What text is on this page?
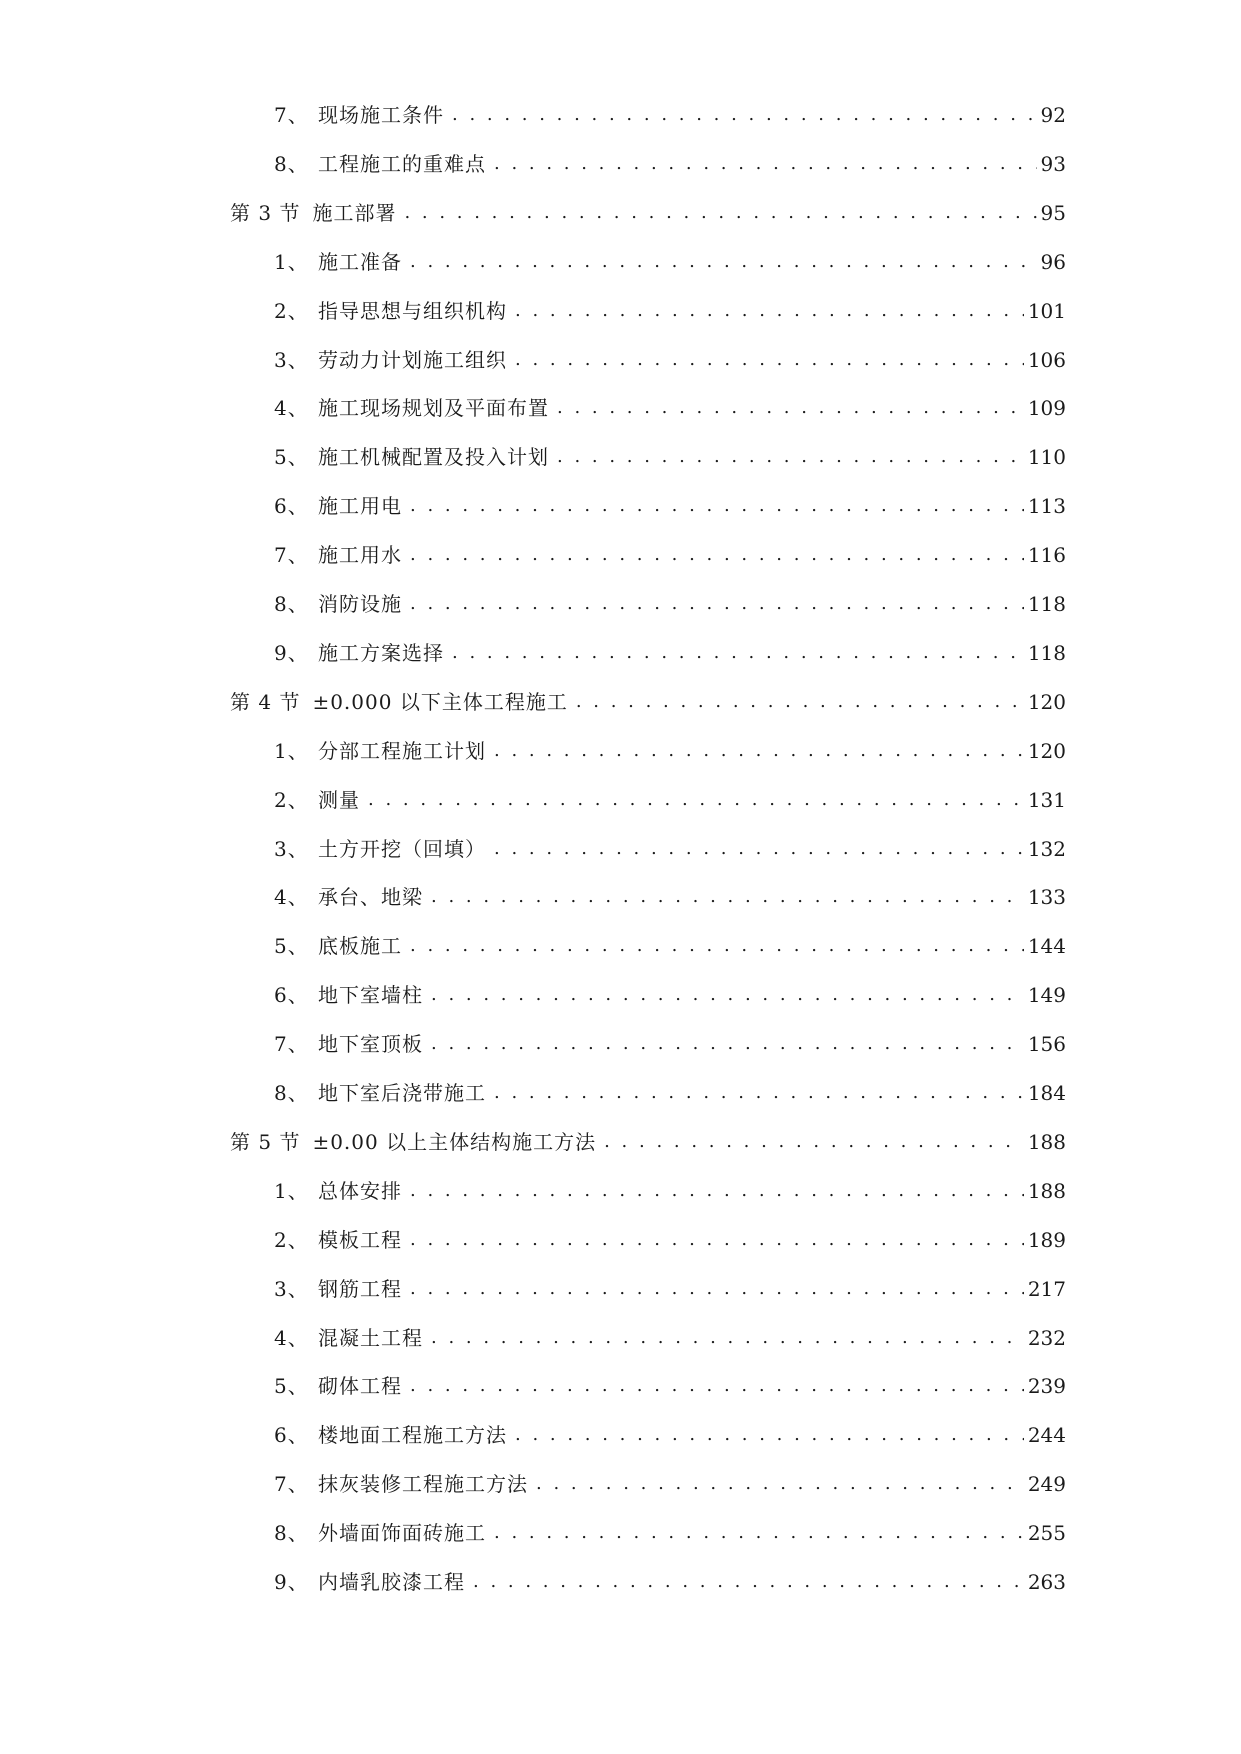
7、 现场施工条件 . . .	92
8、 工程施工的重难点 . . .	93
第 3 节 施工部署 . . .	95
1、 施工准备 . . .	96
2、 指导思想与组织机构 . . .	101
3、 劳动力计划施工组织 . . .	106
4、 施工现场规划及平面布置 . . .	109
5、 施工机械配置及投入计划 . . .	110
6、 施工用电 . . .	113
7、 施工用水 . . .	116
8、 消防设施 . . .	118
9、 施工方案选择 . . .	118
第 4 节 ±0.000 以下主体工程施工 . . .	120
1、 分部工程施工计划 . . .	120
2、 测量 . . .	131
3、 土方开挖（回填） . . .	132
4、 承台、地梁 . . .	133
5、 底板施工 . . .	144
6、 地下室墙柱 . . .	149
7、 地下室顶板 . . .	156
8、 地下室后浇带施工 . . .	184
第 5 节 ±0.00 以上主体结构施工方法 . . .	188
1、 总体安排 . . .	188
2、 模板工程 . . .	189
3、 钢筋工程 . . .	217
4、 混凝土工程 . . .	232
5、 砌体工程 . . .	239
6、 楼地面工程施工方法 . . .	244
7、 抹灰装修工程施工方法 . . .	249
8、 外墙面饰面砖施工 . . .	255
9、 内墙乳胶漆工程 . . .	263
